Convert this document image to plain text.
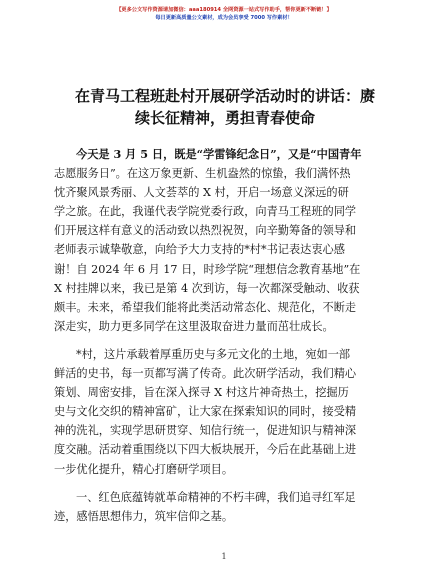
【更多公文写作资源请加微信：aaa180914 全网资源一站式写作助手，帮你更新不断链！】
每日更新高质量公文素材，成为会员享受 7000 写作素材！
在青马工程班赴村开展研学活动时的讲话：赓
续长征精神，勇担青春使命
今天是 3 月 5 日，既是“学雷锋纪念日”，又是“中国青年
志愿服务日”。在这万象更新、生机盎然的惊蛰，我们满怀热
忱齐聚风景秀丽、人文荟萃的 X 村，开启一场意义深远的研
学之旅。在此，我谨代表学院党委行政，向青马工程班的同学
们开展这样有意义的活动致以热烈祝贺，向辛勤筹备的领导和
老师表示诚挚敬意，向给予大力支持的*村*书记表达衷心感
谢！自 2024 年 6 月 17 日，时珍学院“理想信念教育基地”在
X 村挂牌以来，我已是第 4 次到访，每一次都深受触动、收获
颇丰。未来，希望我们能将此类活动常态化、规范化，不断走
深走实，助力更多同学在这里汲取奋进力量而茁壮成长。
*村，这片承载着厚重历史与多元文化的土地，宛如一部
鲜活的史书，每一页都写满了传奇。此次研学活动，我们精心
策划、周密安排，旨在深入探寻 X 村这片神奇热土，挖掘历
史与文化交织的精神富矿，让大家在探索知识的同时，接受精
神的洗礼，实现学思研贯穿、知信行统一，促进知识与精神深
度交融。活动着重围绕以下四大板块展开，今后在此基础上进
一步优化提升，精心打磨研学项目。
一、红色底蕴铸就革命精神的不朽丰碑，我们追寻红军足
迹，感悟思想伟力，筑牢信仰之基。
1
